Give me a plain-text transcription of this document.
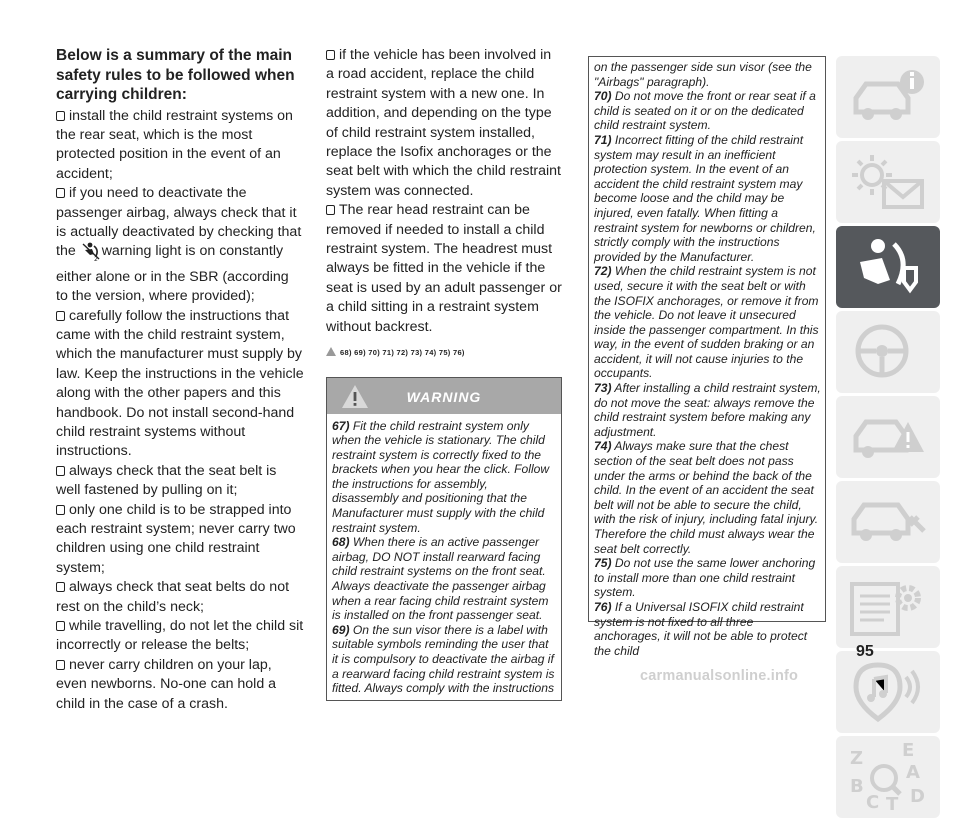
Below is a summary of the main safety rules to be followed when carrying children:

install the child restraint systems on the rear seat, which is the most protected position in the event of an accident;

if you need to deactivate the passenger airbag, always check that it is actually deactivated by checking that the
2
warning light is on constantly either alone or in the SBR (according to the version, where provided);

carefully follow the instructions that came with the child restraint system, which the manufacturer must supply by law. Keep the instructions in the vehicle along with the other papers and this handbook. Do not install second-hand child restraint systems without instructions.

always check that the seat belt is well fastened by pulling on it;

only one child is to be strapped into each restraint system; never carry two children using one child restraint system;

always check that seat belts do not rest on the child’s neck;

while travelling, do not let the child sit incorrectly or release the belts;

never carry children on your lap, even newborns. No-one can hold a child in the case of a crash.

if the vehicle has been involved in a road accident, replace the child restraint system with a new one. In addition, and depending on the type of child restraint system installed, replace the Isofix anchorages or the seat belt with which the child restraint system was connected.

The rear head restraint can be removed if needed to install a child restraint system. The headrest must always be fitted in the vehicle if the seat is used by an adult passenger or a child sitting in a restraint system without backrest.

68) 69) 70) 71) 72) 73) 74) 75) 76)

WARNING

67) Fit the child restraint system only when the vehicle is stationary. The child restraint system is correctly fixed to the brackets when you hear the click. Follow the instructions for assembly, disassembly and positioning that the Manufacturer must supply with the child restraint system.

68) When there is an active passenger airbag, DO NOT install rearward facing child restraint systems on the front seat. Always deactivate the passenger airbag when a rear facing child restraint system is installed on the front passenger seat.

69) On the sun visor there is a label with suitable symbols reminding the user that it is compulsory to deactivate the airbag if a rearward facing child restraint system is fitted. Always comply with the instructions

on the passenger side sun visor (see the "Airbags" paragraph).

70) Do not move the front or rear seat if a child is seated on it or on the dedicated child restraint system.

71) Incorrect fitting of the child restraint system may result in an inefficient protection system. In the event of an accident the child restraint system may become loose and the child may be injured, even fatally. When fitting a restraint system for newborns or children, strictly comply with the instructions provided by the Manufacturer.

72) When the child restraint system is not used, secure it with the seat belt or with the ISOFIX anchorages, or remove it from the vehicle. Do not leave it unsecured inside the passenger compartment. In this way, in the event of sudden braking or an accident, it will not cause injuries to the occupants.

73) After installing a child restraint system, do not move the seat: always remove the child restraint system before making any adjustment.

74) Always make sure that the chest section of the seat belt does not pass under the arms or behind the back of the child. In the event of an accident the seat belt will not be able to secure the child, with the risk of injury, including fatal injury. Therefore the child must always wear the seat belt correctly.

75) Do not use the same lower anchoring to install more than one child restraint system.

76) If a Universal ISOFIX child restraint system is not fixed to all three anchorages, it will not be able to protect the child

Z E
A
B
C T D
95
carmanualsonline.info
